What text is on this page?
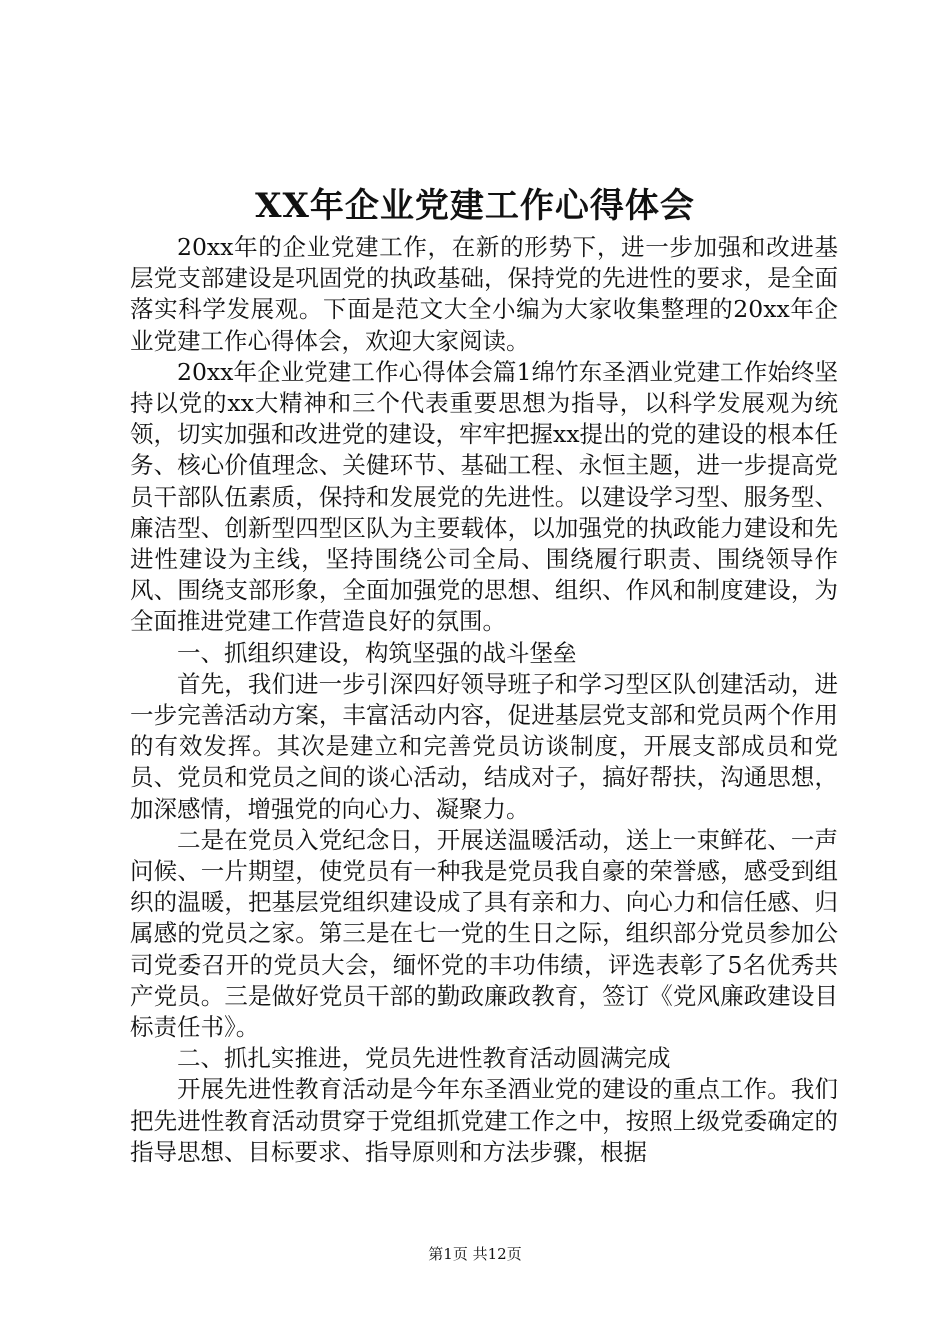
XX年企业党建工作心得体会

20xx年的企业党建工作，在新的形势下，进一步加强和改进基层党支部建设是巩固党的执政基础，保持党的先进性的要求，是全面落实科学发展观。下面是范文大全小编为大家收集整理的20xx年企业党建工作心得体会，欢迎大家阅读。

20xx年企业党建工作心得体会篇1绵竹东圣酒业党建工作始终坚持以党的xx大精神和三个代表重要思想为指导，以科学发展观为统领，切实加强和改进党的建设，牢牢把握xx提出的党的建设的根本任务、核心价值理念、关健环节、基础工程、永恒主题，进一步提高党员干部队伍素质，保持和发展党的先进性。以建设学习型、服务型、廉洁型、创新型四型区队为主要载体，以加强党的执政能力建设和先进性建设为主线，坚持围绕公司全局、围绕履行职责、围绕领导作风、围绕支部形象，全面加强党的思想、组织、作风和制度建设，为全面推进党建工作营造良好的氛围。

一、抓组织建设，构筑坚强的战斗堡垒

首先，我们进一步引深四好领导班子和学习型区队创建活动，进一步完善活动方案，丰富活动内容，促进基层党支部和党员两个作用的有效发挥。其次是建立和完善党员访谈制度，开展支部成员和党员、党员和党员之间的谈心活动，结成对子，搞好帮扶，沟通思想，加深感情，增强党的向心力、凝聚力。

二是在党员入党纪念日，开展送温暖活动，送上一束鲜花、一声问候、一片期望，使党员有一种我是党员我自豪的荣誉感，感受到组织的温暖，把基层党组织建设成了具有亲和力、向心力和信任感、归属感的党员之家。第三是在七一党的生日之际，组织部分党员参加公司党委召开的党员大会，缅怀党的丰功伟绩，评选表彰了5名优秀共产党员。三是做好党员干部的勤政廉政教育，签订《党风廉政建设目标责任书》。

二、抓扎实推进，党员先进性教育活动圆满完成

开展先进性教育活动是今年东圣酒业党的建设的重点工作。我们把先进性教育活动贯穿于党组抓党建工作之中，按照上级党委确定的指导思想、目标要求、指导原则和方法步骤，根据

第1页 共12页
